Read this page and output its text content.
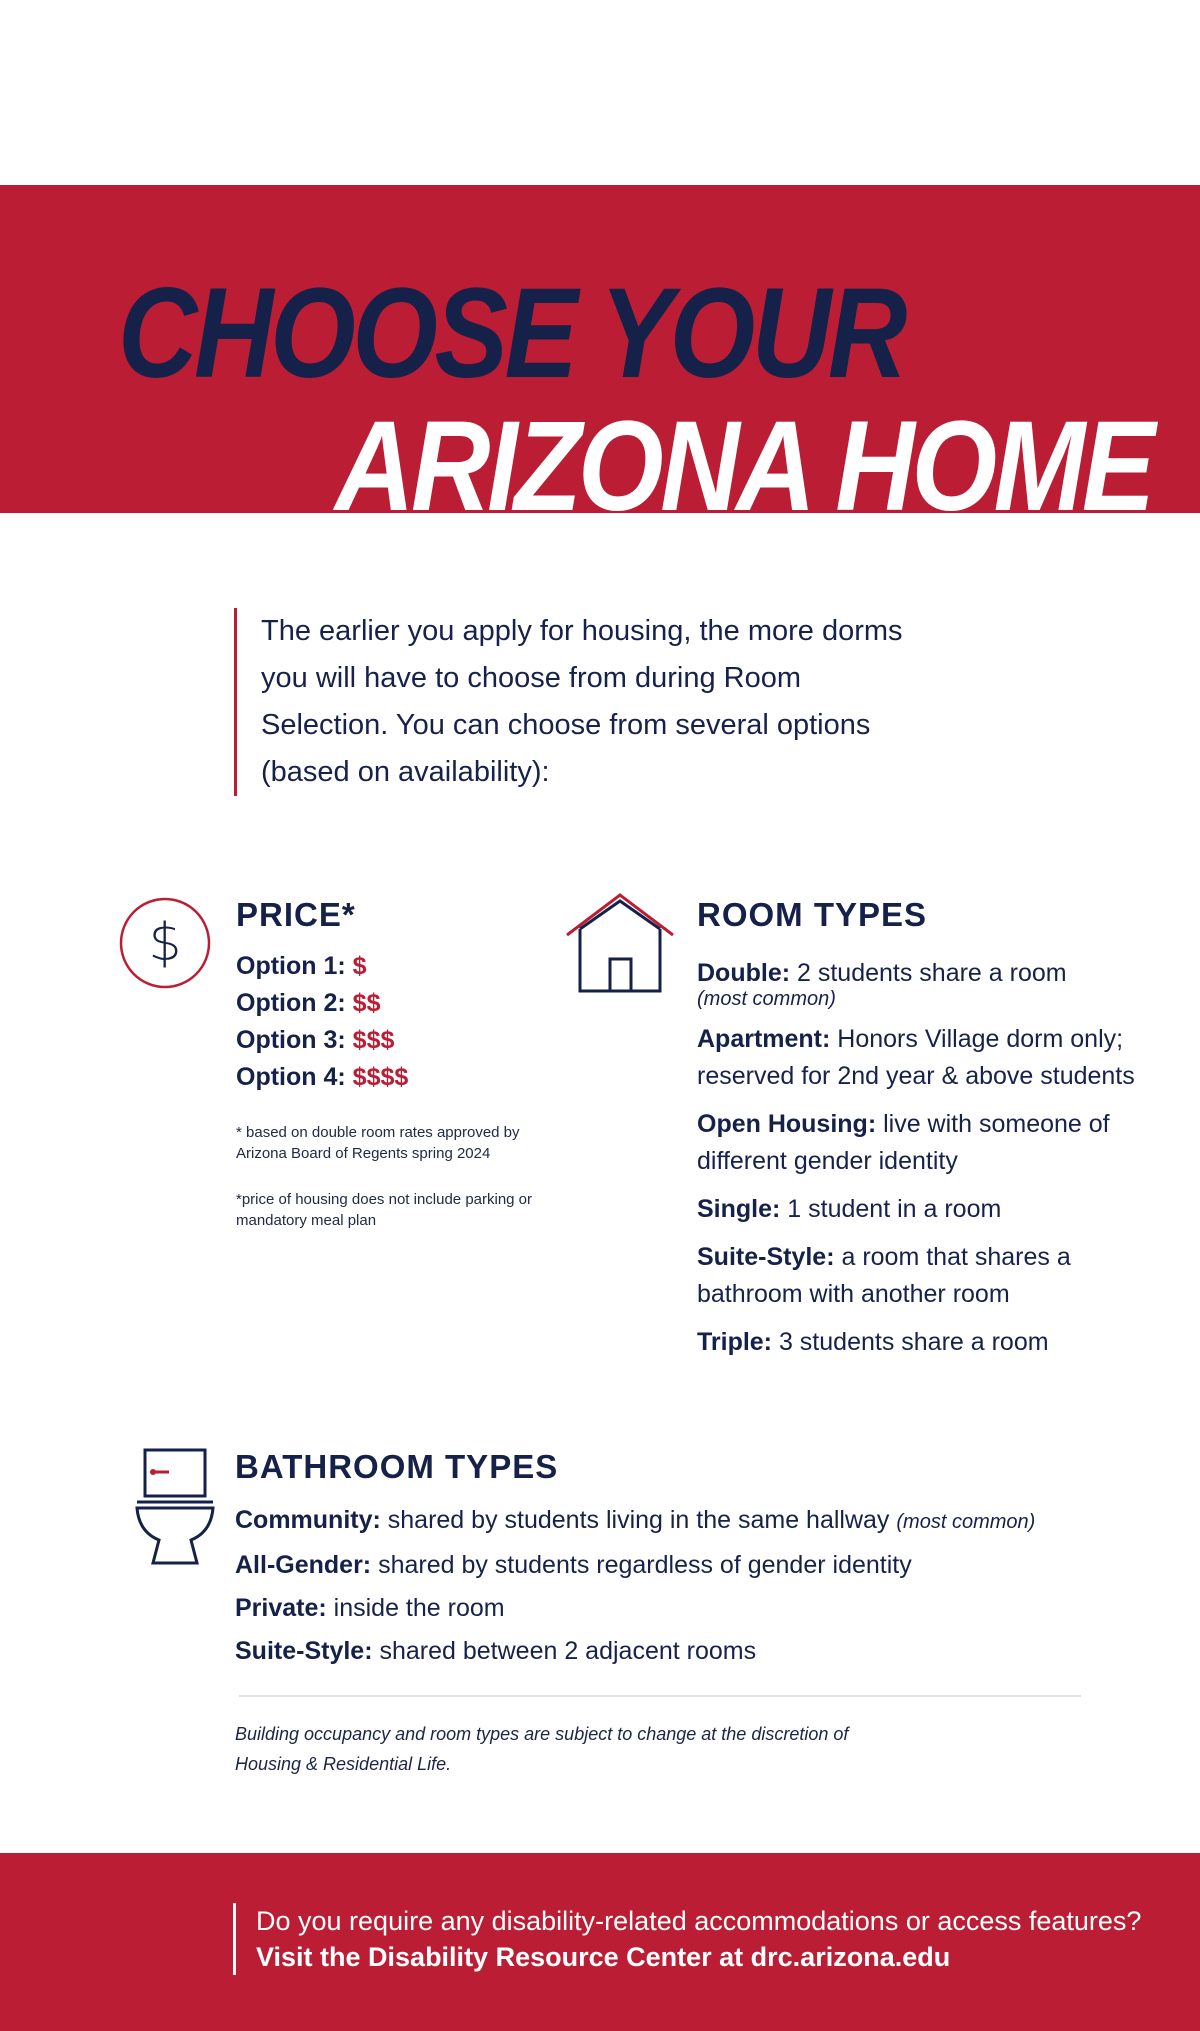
CHOOSE YOUR
ARIZONA HOME

The earlier you apply for housing, the more dorms you will have to choose from during Room Selection. You can choose from several options (based on availability):

$ PRICE*
Option 1: $
Option 2: $$
Option 3: $$$
Option 4: $$$$
* based on double room rates approved by Arizona Board of Regents spring 2024
*price of housing does not include parking or mandatory meal plan
ROOM TYPES
Double: 2 students share a room
(most common)
Apartment: Honors Village dorm only; reserved for 2nd year & above students
Open Housing: live with someone of different gender identity
Single: 1 student in a room
Suite-Style: a room that shares a bathroom with another room
Triple: 3 students share a room
BATHROOM TYPES
Community: shared by students living in the same hallway (most common)
All-Gender: shared by students regardless of gender identity
Private: inside the room
Suite-Style: shared between 2 adjacent rooms
Building occupancy and room types are subject to change at the discretion of Housing & Residential Life.
Do you require any disability-related accommodations or access features?
Visit the Disability Resource Center at drc.arizona.edu
